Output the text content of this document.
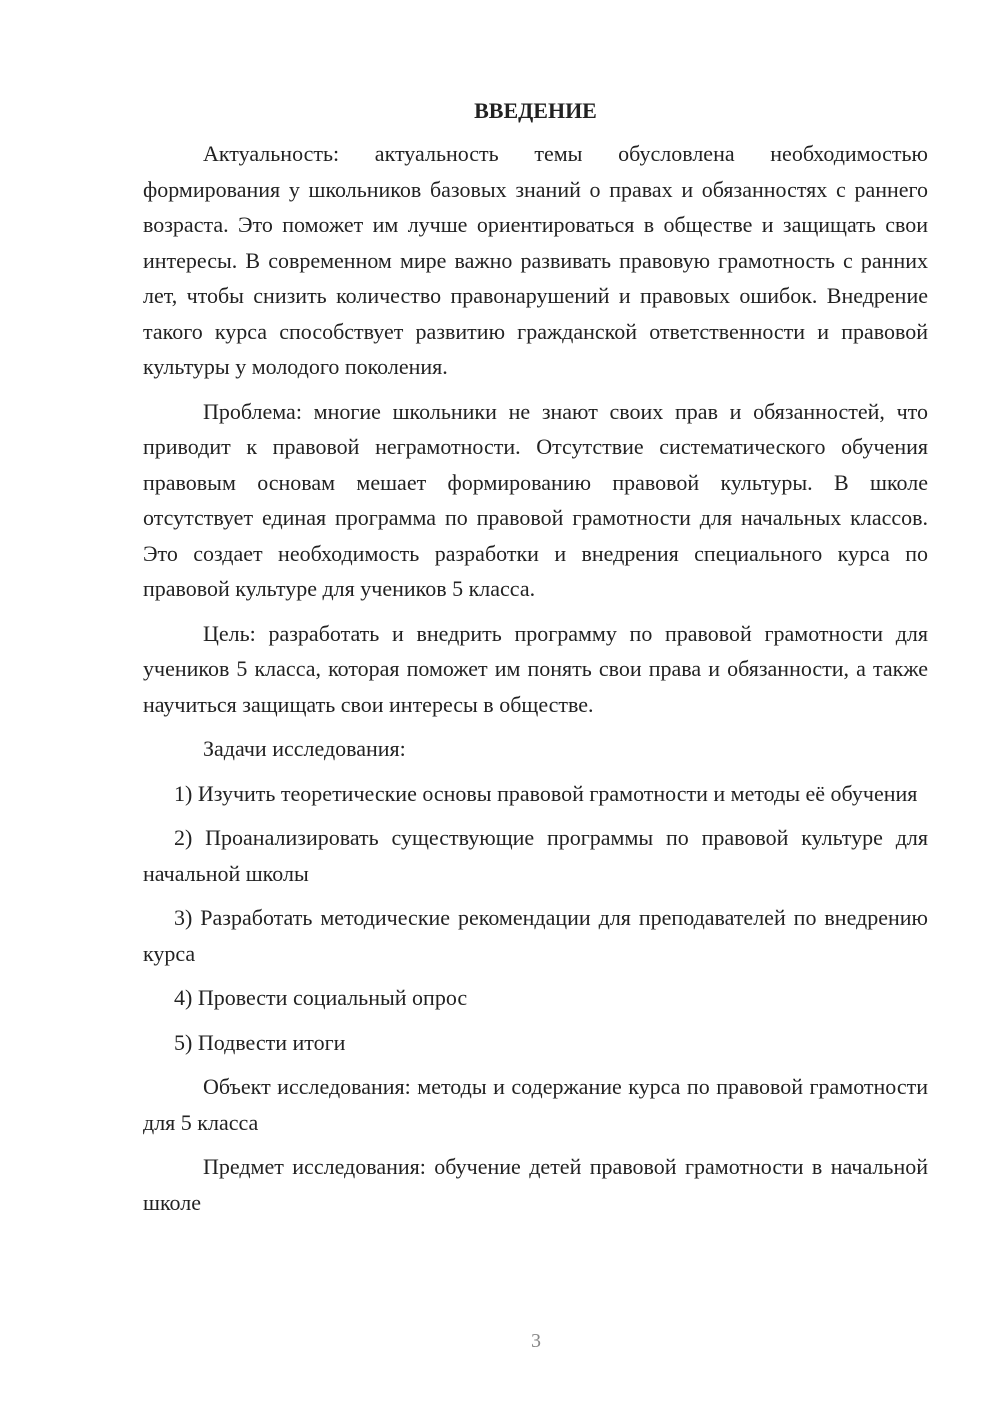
ВВЕДЕНИЕ

Актуальность: актуальность темы обусловлена необходимостью формирования у школьников базовых знаний о правах и обязанностях с раннего возраста. Это поможет им лучше ориентироваться в обществе и защищать свои интересы. В современном мире важно развивать правовую грамотность с ранних лет, чтобы снизить количество правонарушений и правовых ошибок. Внедрение такого курса способствует развитию гражданской ответственности и правовой культуры у молодого поколения.

Проблема: многие школьники не знают своих прав и обязанностей, что приводит к правовой неграмотности. Отсутствие систематического обучения правовым основам мешает формированию правовой культуры. В школе отсутствует единая программа по правовой грамотности для начальных классов. Это создает необходимость разработки и внедрения специального курса по правовой культуре для учеников 5 класса.

Цель: разработать и внедрить программу по правовой грамотности для учеников 5 класса, которая поможет им понять свои права и обязанности, а также научиться защищать свои интересы в обществе.

Задачи исследования:

1) Изучить теоретические основы правовой грамотности и методы её обучения

2) Проанализировать существующие программы по правовой культуре для начальной школы

3) Разработать методические рекомендации для преподавателей по внедрению курса

4) Провести социальный опрос

5) Подвести итоги

Объект исследования: методы и содержание курса по правовой грамотности для 5 класса

Предмет исследования: обучение детей правовой грамотности в начальной школе

3
